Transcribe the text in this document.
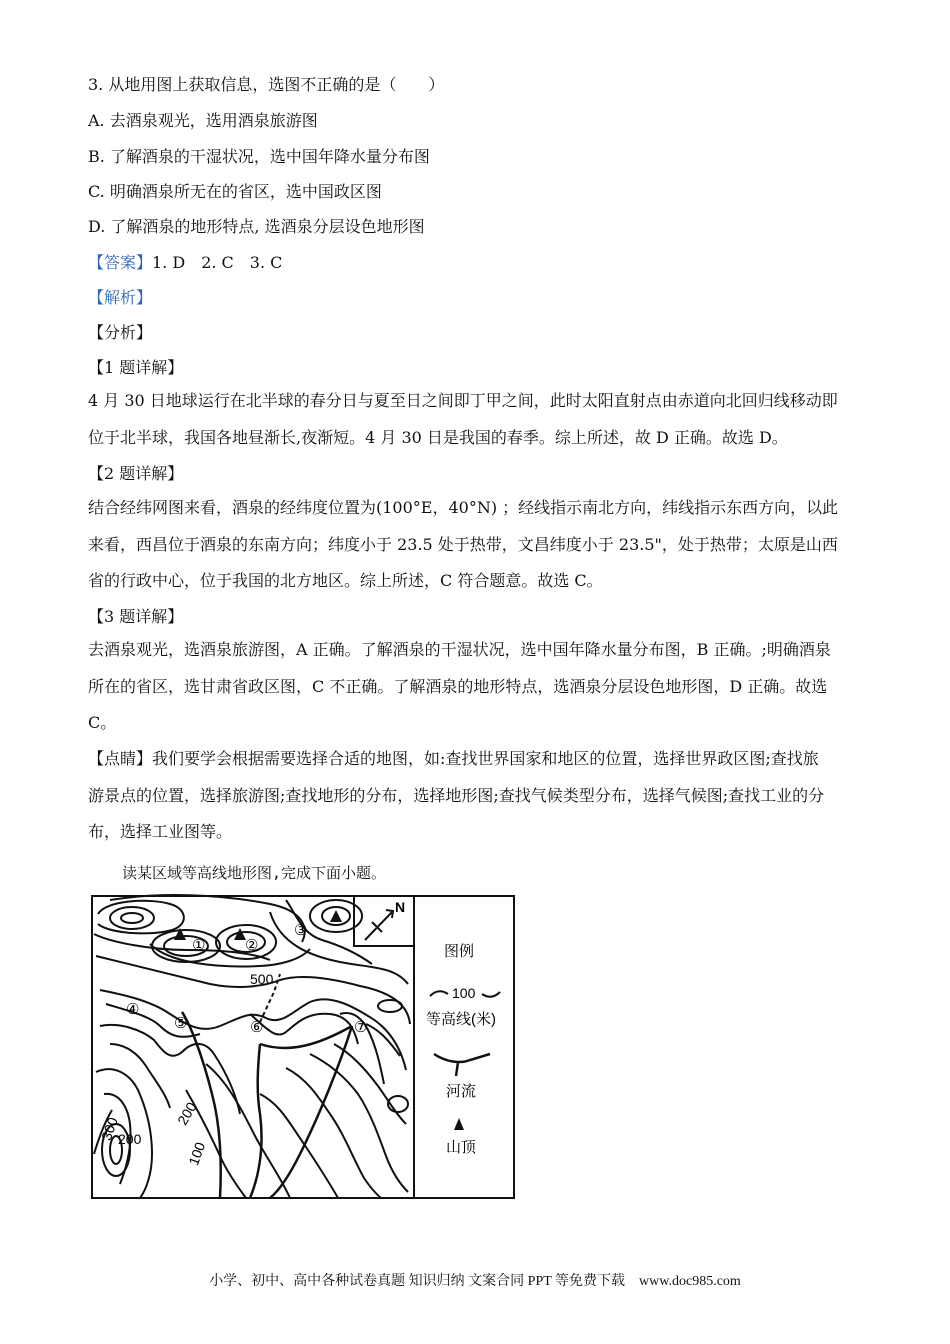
3. 从地用图上获取信息，选图不正确的是（　　）
A. 去酒泉观光，选用酒泉旅游图
B. 了解酒泉的干湿状况，选中国年降水量分布图
C. 明确酒泉所无在的省区，选中国政区图
D. 了解酒泉的地形特点, 选酒泉分层设色地形图
【答案】1. D　2. C　3. C
【解析】
【分析】
【1 题详解】
4 月 30 日地球运行在北半球的春分日与夏至日之间即丁甲之间，此时太阳直射点由赤道向北回归线移动即
位于北半球，我国各地昼渐长,夜渐短。4 月 30 日是我国的春季。综上所述，故 D 正确。故选 D。
【2 题详解】
结合经纬网图来看，酒泉的经纬度位置为(100°E，40°N) ；经线指示南北方向，纬线指示东西方向，以此
来看，西昌位于酒泉的东南方向；纬度小于 23.5 处于热带，文昌纬度小于 23.5"，处于热带；太原是山西
省的行政中心，位于我国的北方地区。综上所述，C 符合题意。故选 C。
【3 题详解】
去酒泉观光，选酒泉旅游图，A 正确。了解酒泉的干湿状况，选中国年降水量分布图，B 正确。;明确酒泉
所在的省区，选甘肃省政区图，C 不正确。了解酒泉的地形特点，选酒泉分层设色地形图，D 正确。故选
C。
【点睛】我们要学会根据需要选择合适的地图，如:查找世界国家和地区的位置，选择世界政区图;查找旅
游景点的位置，选择旅游图;查找地形的分布，选择地形图;查找气候类型分布，选择气候图;查找工业的分
布，选择工业图等。
读某区域等高线地形图,完成下面小题。
①	②
③
④
⑤	⑥	⑦
N
500
200
300
200
100
图例
100
等高线(米)
河流
山顶
小学、初中、高中各种试卷真题 知识归纳 文案合同 PPT 等免费下载　www.doc985.com
